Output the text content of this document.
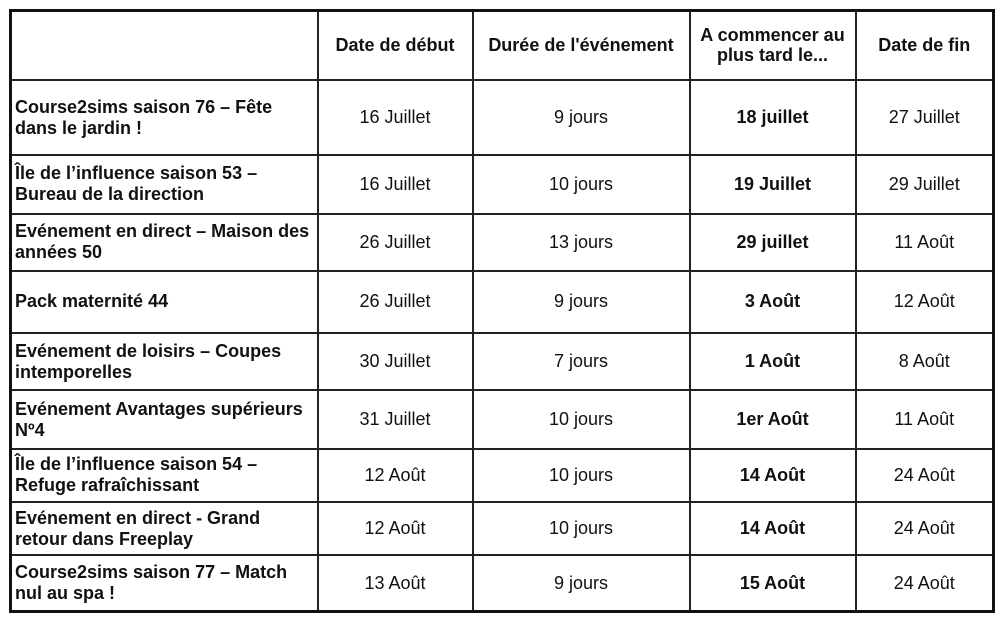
	Date de début	Durée de l'événement	A commencer au plus tard le...	Date de fin
Course2sims saison 76 – Fête dans le jardin !	16 Juillet	9 jours	18 juillet	27 Juillet
Île de l’influence saison 53 – Bureau de la direction	16 Juillet	10 jours	19 Juillet	29 Juillet
Evénement en direct – Maison des années 50	26 Juillet	13 jours	29 juillet	11 Août
Pack maternité 44	26 Juillet	9 jours	3 Août	12 Août
Evénement de loisirs – Coupes intemporelles	30 Juillet	7 jours	1 Août	8 Août
Evénement Avantages supérieurs Nº4	31 Juillet	10 jours	1er Août	11 Août
Île de l’influence saison 54 – Refuge rafraîchissant	12 Août	10 jours	14 Août	24 Août
Evénement en direct - Grand retour dans Freeplay	12 Août	10 jours	14 Août	24 Août
Course2sims saison 77 – Match nul au spa !	13 Août	9 jours	15 Août	24 Août
